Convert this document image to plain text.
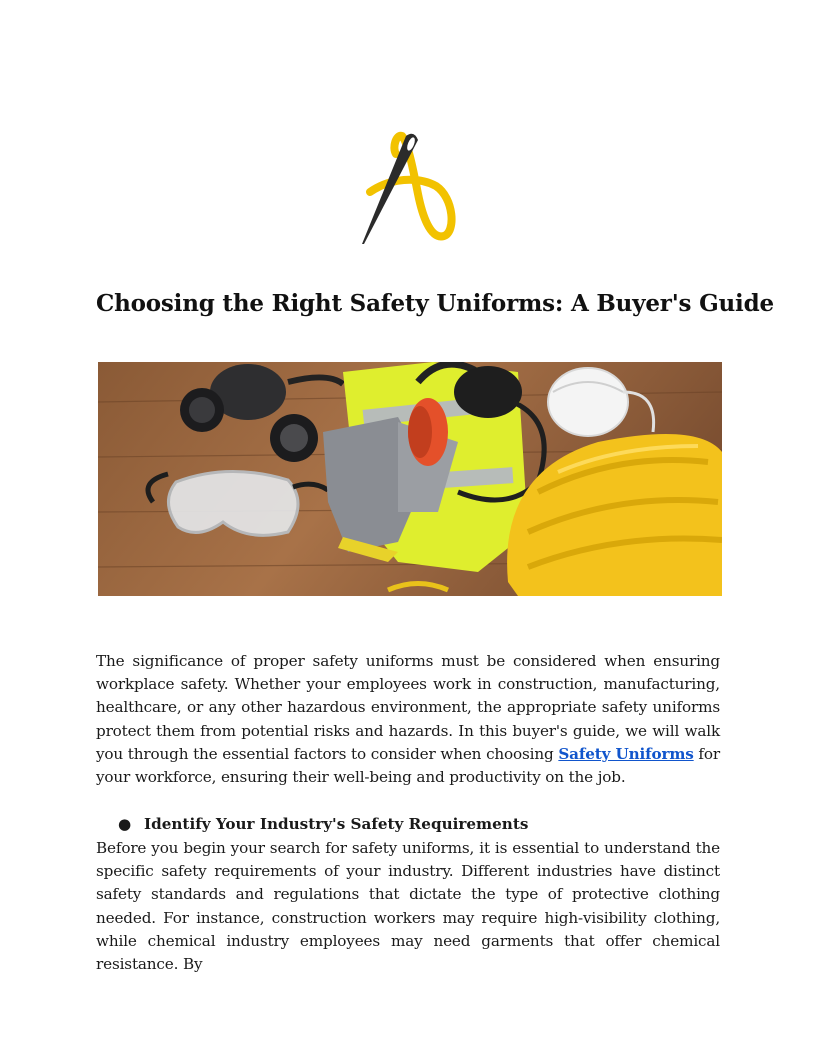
Choosing the Right Safety Uniforms: A Buyer's Guide

The significance of proper safety uniforms must be considered when ensuring workplace safety. Whether your employees work in construction, manufacturing, healthcare, or any other hazardous environment, the appropriate safety uniforms protect them from potential risks and hazards. In this buyer's guide, we will walk you through the essential factors to consider when choosing Safety Uniforms for your workforce, ensuring their well-being and productivity on the job.

● Identify Your Industry's Safety Requirements

Before you begin your search for safety uniforms, it is essential to understand the specific safety requirements of your industry. Different industries have distinct safety standards and regulations that dictate the type of protective clothing needed. For instance, construction workers may require high-visibility clothing, while chemical industry employees may need garments that offer chemical resistance. By
